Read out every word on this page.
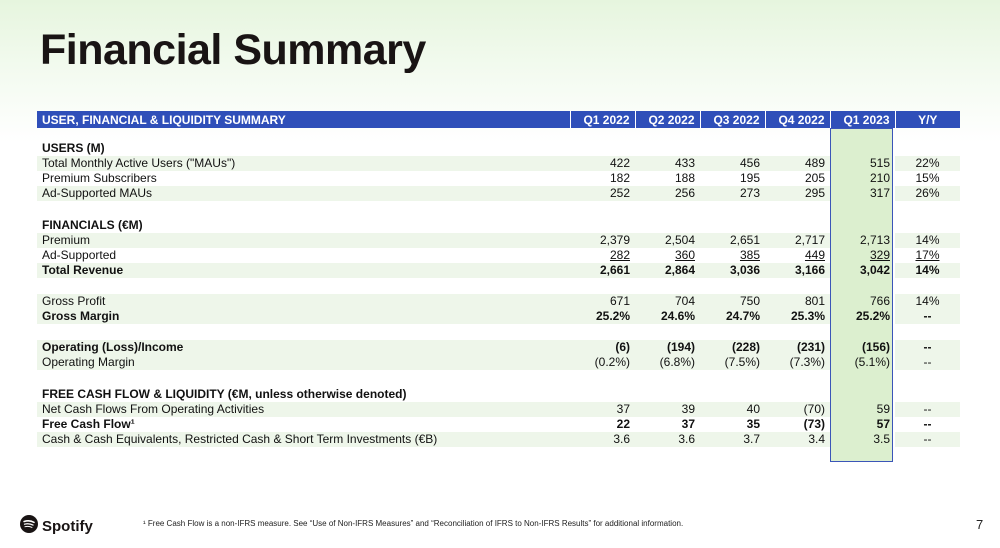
Financial Summary
USER, FINANCIAL & LIQUIDITY SUMMARY	Q1 2022	Q2 2022	Q3 2022	Q4 2022	Q1 2023	Y/Y

USERS (M)						
Total Monthly Active Users ("MAUs")	422	433	456	489	515	22%
Premium Subscribers	182	188	195	205	210	15%
Ad-Supported MAUs	252	256	273	295	317	26%

FINANCIALS (€M)						
Premium	2,379	2,504	2,651	2,717	2,713	14%
Ad-Supported	282	360	385	449	329	17%
Total Revenue	2,661	2,864	3,036	3,166	3,042	14%

Gross Profit	671	704	750	801	766	14%
Gross Margin	25.2%	24.6%	24.7%	25.3%	25.2%	--

Operating (Loss)/Income	(6)	(194)	(228)	(231)	(156)	--
Operating Margin	(0.2%)	(6.8%)	(7.5%)	(7.3%)	(5.1%)	--

FREE CASH FLOW & LIQUIDITY (€M, unless otherwise denoted)						
Net Cash Flows From Operating Activities	37	39	40	(70)	59	--
Free Cash Flow¹	22	37	35	(73)	57	--
Cash & Cash Equivalents, Restricted Cash & Short Term Investments (€B)	3.6	3.6	3.7	3.4	3.5	--
Spotify	¹ Free Cash Flow is a non-IFRS measure. See “Use of Non-IFRS Measures” and “Reconciliation of IFRS to Non-IFRS Results” for additional information.	7
